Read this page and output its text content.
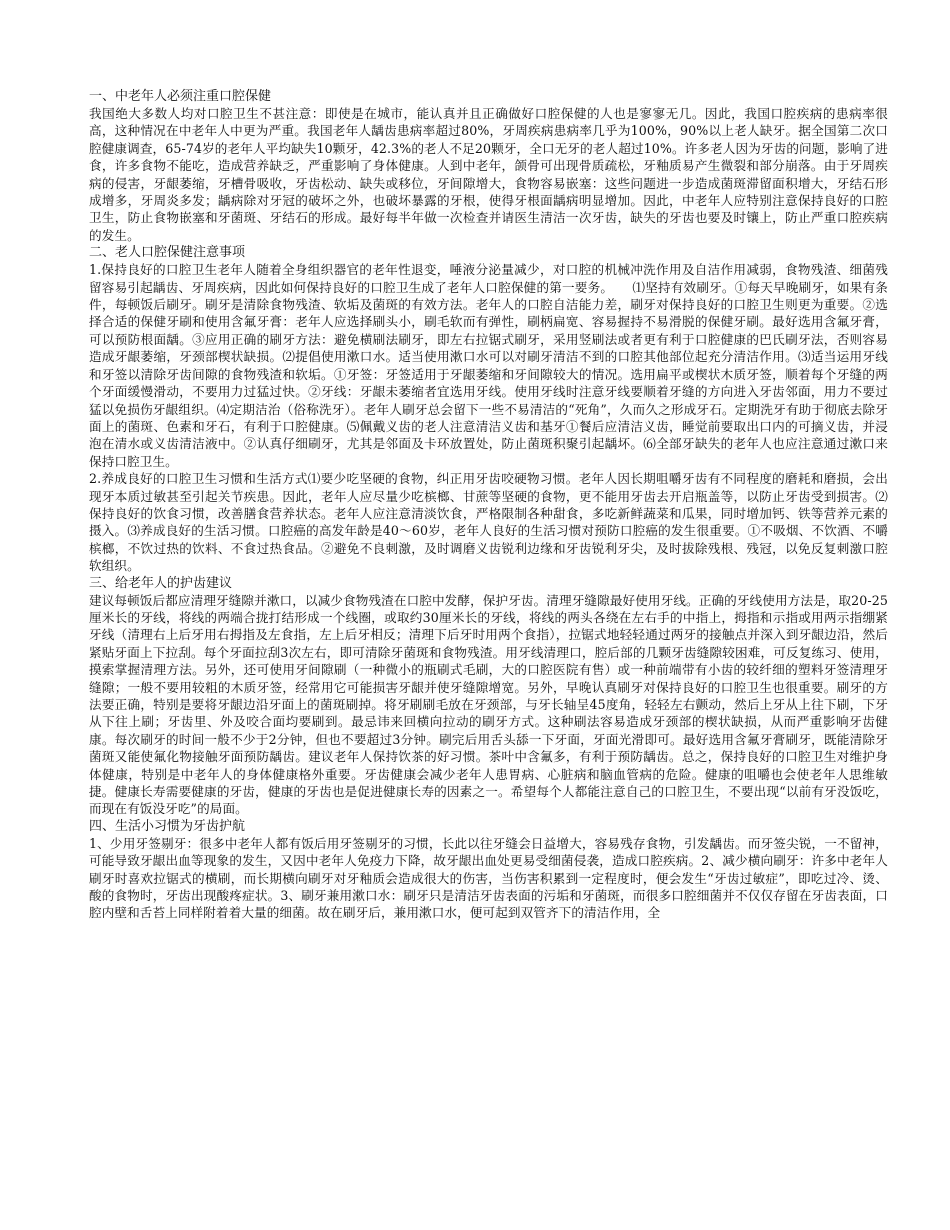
一、中老年人必须注重口腔保健

我国绝大多数人均对口腔卫生不甚注意：即使是在城市，能认真并且正确做好口腔保健的人也是寥寥无几。因此，我国口腔疾病的患病率很高，这种情况在中老年人中更为严重。我国老年人龋齿患病率超过80%，牙周疾病患病率几乎为100%，90%以上老人缺牙。据全国第二次口腔健康调查，65-74岁的老年人平均缺失10颗牙，42.3%的老人不足20颗牙，全口无牙的老人超过10%。许多老人因为牙齿的问题，影响了进食，许多食物不能吃，造成营养缺乏，严重影响了身体健康。人到中老年，颌骨可出现骨质疏松，牙釉质易产生微裂和部分崩落。由于牙周疾病的侵害，牙龈萎缩，牙槽骨吸收，牙齿松动、缺失或移位，牙间隙增大，食物容易嵌塞：这些问题进一步造成菌斑滞留面积增大，牙结石形成增多，牙周炎多发；龋病除对牙冠的破坏之外，也破坏暴露的牙根，使得牙根面龋病明显增加。因此，中老年人应特别注意保持良好的口腔卫生，防止食物嵌塞和牙菌斑、牙结石的形成。最好每半年做一次检查并请医生清洁一次牙齿，缺失的牙齿也要及时镶上，防止严重口腔疾病的发生。

二、老人口腔保健注意事项

1.保持良好的口腔卫生老年人随着全身组织器官的老年性退变，唾液分泌量减少，对口腔的机械冲洗作用及自洁作用减弱，食物残渣、细菌残留容易引起龋齿、牙周疾病，因此如何保持良好的口腔卫生成了老年人口腔保健的第一要务。　　⑴坚持有效刷牙。①每天早晚刷牙，如果有条件，每顿饭后刷牙。刷牙是清除食物残渣、软垢及菌斑的有效方法。老年人的口腔自洁能力差，刷牙对保持良好的口腔卫生则更为重要。②选择合适的保健牙刷和使用含氟牙膏：老年人应选择刷头小，刷毛软而有弹性，刷柄扁宽、容易握持不易滑脱的保健牙刷。最好选用含氟牙膏，可以预防根面龋。③应用正确的刷牙方法：避免横刷法刷牙，即左右拉锯式刷牙，采用竖刷法或者更有利于口腔健康的巴氏刷牙法，否则容易造成牙龈萎缩，牙颈部楔状缺损。⑵提倡使用漱口水。适当使用漱口水可以对刷牙清洁不到的口腔其他部位起充分清洁作用。⑶适当运用牙线和牙签以清除牙齿间隙的食物残渣和软垢。①牙签：牙签适用于牙龈萎缩和牙间隙较大的情况。选用扁平或楔状木质牙签，顺着每个牙缝的两个牙面缓慢滑动，不要用力过猛过快。②牙线：牙龈未萎缩者宜选用牙线。使用牙线时注意牙线要顺着牙缝的方向进入牙齿邻面，用力不要过猛以免损伤牙龈组织。⑷定期洁治（俗称洗牙）。老年人刷牙总会留下一些不易清洁的“死角”，久而久之形成牙石。定期洗牙有助于彻底去除牙面上的菌斑、色素和牙石，有利于口腔健康。⑸佩戴义齿的老人注意清洁义齿和基牙①餐后应清洁义齿，睡觉前要取出口内的可摘义齿，并浸泡在清水或义齿清洁液中。②认真仔细刷牙，尤其是邻面及卡环放置处，防止菌斑积聚引起龋坏。⑹全部牙缺失的老年人也应注意通过漱口来保持口腔卫生。

2.养成良好的口腔卫生习惯和生活方式⑴要少吃坚硬的食物，纠正用牙齿咬硬物习惯。老年人因长期咀嚼牙齿有不同程度的磨耗和磨损，会出现牙本质过敏甚至引起关节疾患。因此，老年人应尽量少吃槟榔、甘蔗等坚硬的食物，更不能用牙齿去开启瓶盖等，以防止牙齿受到损害。⑵保持良好的饮食习惯，改善膳食营养状态。老年人应注意清淡饮食，严格限制各种甜食，多吃新鲜蔬菜和瓜果，同时增加钙、铁等营养元素的摄入。⑶养成良好的生活习惯。口腔癌的高发年龄是40～60岁，老年人良好的生活习惯对预防口腔癌的发生很重要。①不吸烟、不饮酒、不嚼槟榔，不饮过热的饮料、不食过热食品。②避免不良刺激，及时调磨义齿锐利边缘和牙齿锐利牙尖，及时拔除残根、残冠，以免反复刺激口腔软组织。

三、给老年人的护齿建议

建议每顿饭后都应清理牙缝隙并漱口，以减少食物残渣在口腔中发酵，保护牙齿。清理牙缝隙最好使用牙线。正确的牙线使用方法是，取20-25厘米长的牙线，将线的两端合拢打结形成一个线圈，或取约30厘米长的牙线，将线的两头各绕在左右手的中指上，拇指和示指或用两示指绷紧牙线（清理右上后牙用右拇指及左食指，左上后牙相反；清理下后牙时用两个食指），拉锯式地轻轻通过两牙的接触点并深入到牙龈边沿，然后紧贴牙面上下拉刮。每个牙面拉刮3次左右，即可清除牙菌斑和食物残渣。用牙线清理口，腔后部的几颗牙齿缝隙较困难，可反复练习、使用，摸索掌握清理方法。另外，还可使用牙间隙刷（一种微小的瓶刷式毛刷，大的口腔医院有售）或一种前端带有小齿的较纤细的塑料牙签清理牙缝隙；一般不要用较粗的木质牙签，经常用它可能损害牙龈并使牙缝隙增宽。另外，早晚认真刷牙对保持良好的口腔卫生也很重要。刷牙的方法要正确，特别是要将牙龈边沿牙面上的菌斑刷掉。将牙刷刷毛放在牙颈部，与牙长轴呈45度角，轻轻左右颤动，然后上牙从上往下刷，下牙从下往上刷；牙齿里、外及咬合面均要刷到。最忌讳来回横向拉动的刷牙方式。这种刷法容易造成牙颈部的楔状缺损，从而严重影响牙齿健康。每次刷牙的时间一般不少于2分钟，但也不要超过3分钟。刷完后用舌头舔一下牙面，牙面光滑即可。最好选用含氟牙膏刷牙，既能清除牙菌斑又能使氟化物接触牙面预防龋齿。建议老年人保持饮茶的好习惯。茶叶中含氟多，有利于预防龋齿。总之，保持良好的口腔卫生对维护身体健康，特别是中老年人的身体健康格外重要。牙齿健康会减少老年人患胃病、心脏病和脑血管病的危险。健康的咀嚼也会使老年人思维敏捷。健康长寿需要健康的牙齿，健康的牙齿也是促进健康长寿的因素之一。希望每个人都能注意自己的口腔卫生，不要出现“以前有牙没饭吃，而现在有饭没牙吃”的局面。

四、生活小习惯为牙齿护航

1、少用牙签剔牙：很多中老年人都有饭后用牙签剔牙的习惯，长此以往牙缝会日益增大，容易残存食物，引发龋齿。而牙签尖锐，一不留神，可能导致牙龈出血等现象的发生，又因中老年人免疫力下降，故牙龈出血处更易受细菌侵袭，造成口腔疾病。2、减少横向刷牙：许多中老年人刷牙时喜欢拉锯式的横刷，而长期横向刷牙对牙釉质会造成很大的伤害，当伤害积累到一定程度时，便会发生“牙齿过敏症”，即吃过冷、烫、酸的食物时，牙齿出现酸疼症状。3、刷牙兼用漱口水：刷牙只是清洁牙齿表面的污垢和牙菌斑，而很多口腔细菌并不仅仅存留在牙齿表面，口腔内壁和舌苔上同样附着着大量的细菌。故在刷牙后，兼用漱口水，便可起到双管齐下的清洁作用，全
